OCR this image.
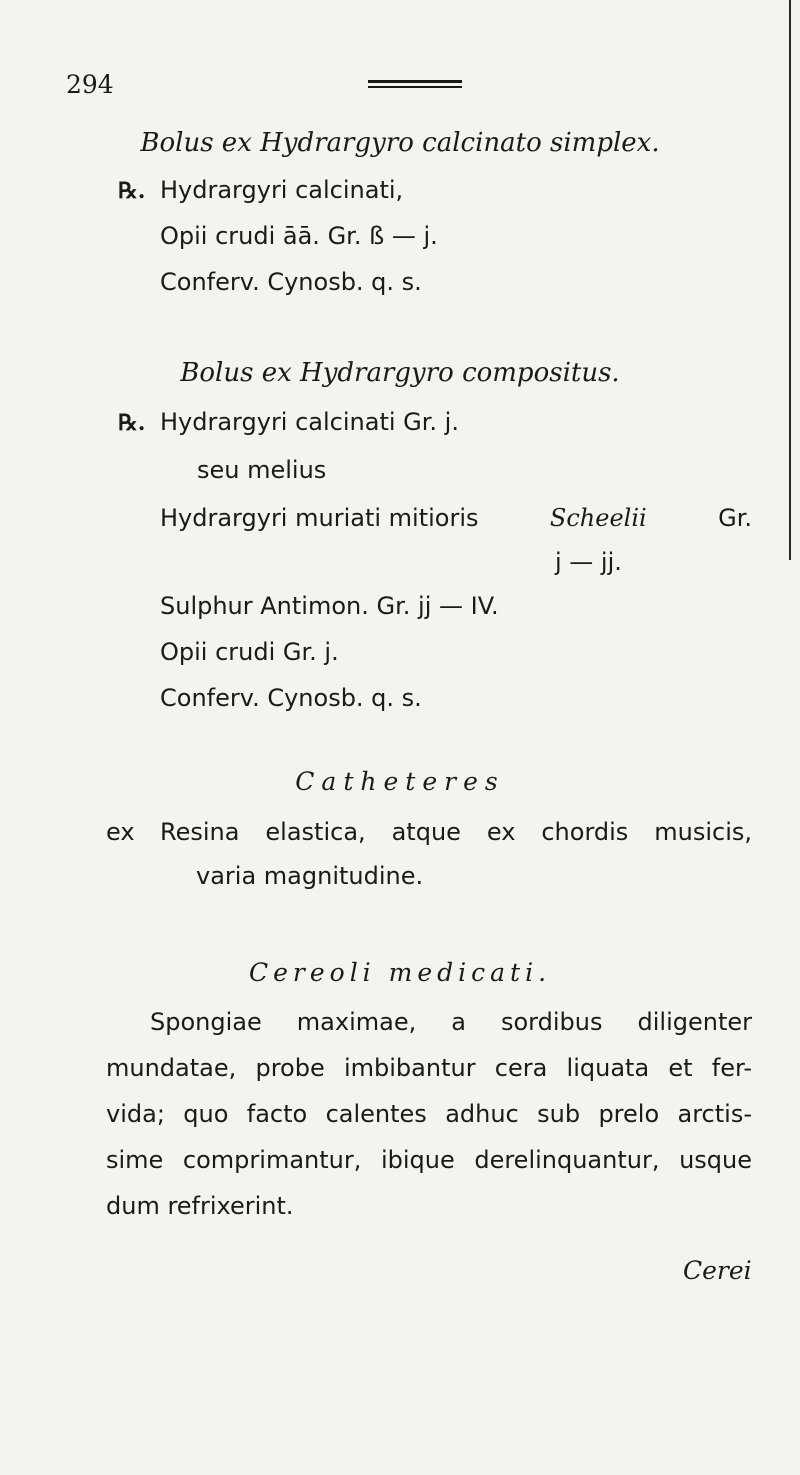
294
Bolus ex Hydrargyro calcinato simplex.
℞. Hydrargyri calcinati,
Opii crudi āā. Gr. ß — j.
Conferv. Cynosb. q. s.
Bolus ex Hydrargyro compositus.
℞. Hydrargyri calcinati Gr. j.
seu melius
Hydrargyri muriati mitioris	Scheelii	Gr.
j — jj.
Sulphur Antimon. Gr. jj — IV.
Opii crudi Gr. j.
Conferv. Cynosb. q. s.
Catheteres
ex Resina elastica, atque ex chordis musicis,
varia magnitudine.
Cereoli medicati.
Spongiae maximae, a sordibus diligenter
mundatae, probe imbibantur cera liquata et fer-
vida; quo facto calentes adhuc sub prelo arctis-
sime comprimantur, ibique derelinquantur, usque
dum refrixerint.
Cerei
